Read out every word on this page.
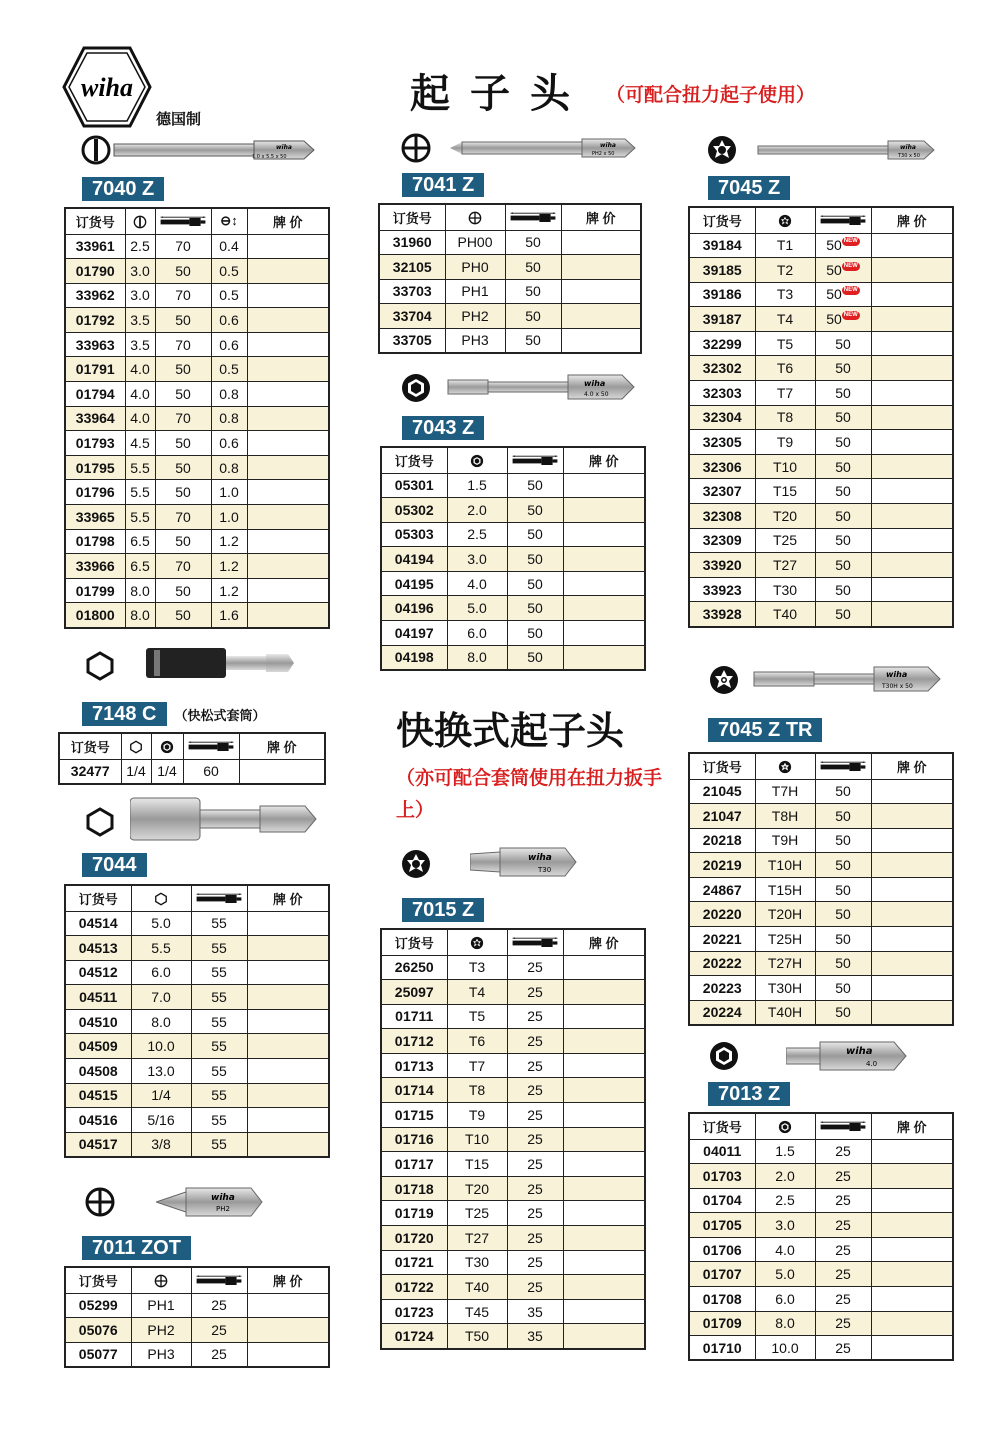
wiha
德国制
起子头 （可配合扭力起子使用）
快换式起子头
（亦可配合套筒使用在扭力扳手上）
wiha
1.0 x 5.5 x 50
7040 Z
订货号			⊖↕	牌 价
33961	2.5	70	0.4	
01790	3.0	50	0.5	
33962	3.0	70	0.5	
01792	3.5	50	0.6	
33963	3.5	70	0.6	
01791	4.0	50	0.5	
01794	4.0	50	0.8	
33964	4.0	70	0.8	
01793	4.5	50	0.6	
01795	5.5	50	0.8	
01796	5.5	50	1.0	
33965	5.5	70	1.0	
01798	6.5	50	1.2	
33966	6.5	70	1.2	
01799	8.0	50	1.2	
01800	8.0	50	1.6	
7148 C （快松式套筒）
订货号				牌 价
32477	1/4	1/4	60	
7044
订货号			牌 价
04514	5.0	55	
04513	5.5	55	
04512	6.0	55	
04511	7.0	55	
04510	8.0	55	
04509	10.0	55	
04508	13.0	55	
04515	1/4	55	
04516	5/16	55	
04517	3/8	55	
wiha
PH2
7011 ZOT
订货号			牌 价
05299	PH1	25	
05076	PH2	25	
05077	PH3	25	
wiha
PH2 x 50
7041 Z
订货号			牌 价
31960	PH00	50	
32105	PH0	50	
33703	PH1	50	
33704	PH2	50	
33705	PH3	50	
wiha
4.0 x 50
7043 Z
订货号			牌 价
05301	1.5	50	
05302	2.0	50	
05303	2.5	50	
04194	3.0	50	
04195	4.0	50	
04196	5.0	50	
04197	6.0	50	
04198	8.0	50	
wiha
T30
7015 Z
订货号			牌 价
26250	T3	25	
25097	T4	25	
01711	T5	25	
01712	T6	25	
01713	T7	25	
01714	T8	25	
01715	T9	25	
01716	T10	25	
01717	T15	25	
01718	T20	25	
01719	T25	25	
01720	T27	25	
01721	T30	25	
01722	T40	25	
01723	T45	35	
01724	T50	35	
wiha
T30 x 50
7045 Z
订货号			牌 价
39184	T1	50 NEW	
39185	T2	50 NEW	
39186	T3	50 NEW	
39187	T4	50 NEW	
32299	T5	50	
32302	T6	50	
32303	T7	50	
32304	T8	50	
32305	T9	50	
32306	T10	50	
32307	T15	50	
32308	T20	50	
32309	T25	50	
33920	T27	50	
33923	T30	50	
33928	T40	50	
wiha
T30H x 50
7045 Z TR
订货号			牌 价
21045	T7H	50	
21047	T8H	50	
20218	T9H	50	
20219	T10H	50	
24867	T15H	50	
20220	T20H	50	
20221	T25H	50	
20222	T27H	50	
20223	T30H	50	
20224	T40H	50	
wiha
4.0
7013 Z
订货号			牌 价
04011	1.5	25	
01703	2.0	25	
01704	2.5	25	
01705	3.0	25	
01706	4.0	25	
01707	5.0	25	
01708	6.0	25	
01709	8.0	25	
01710	10.0	25	
